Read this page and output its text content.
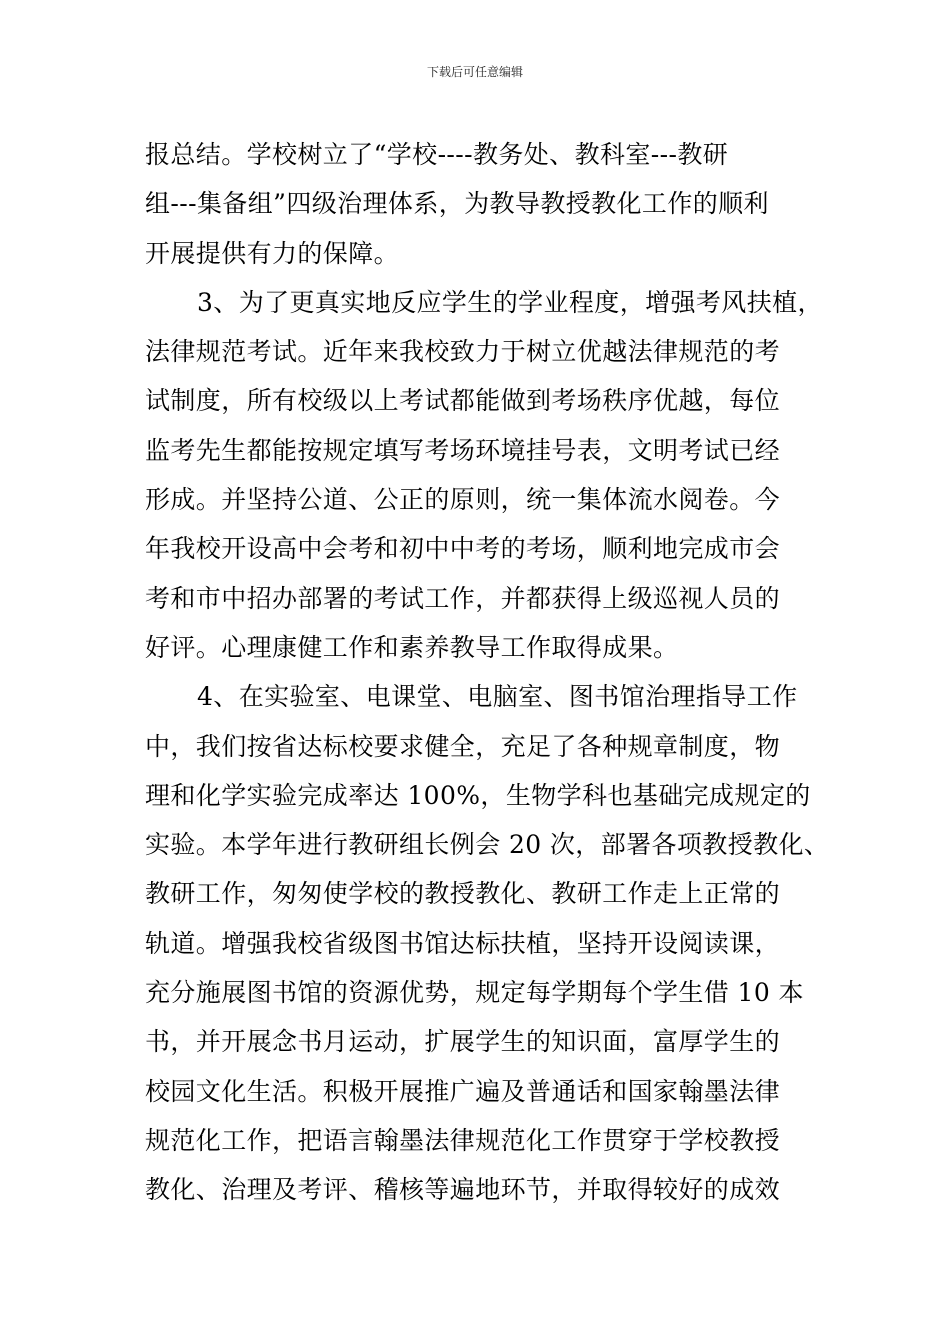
下载后可任意编辑
报总结。学校树立了“学校----教务处、教科室---教研
组---集备组”四级治理体系，为教导教授教化工作的顺利
开展提供有力的保障。
3、为了更真实地反应学生的学业程度，增强考风扶植，
法律规范考试。近年来我校致力于树立优越法律规范的考
试制度，所有校级以上考试都能做到考场秩序优越，每位
监考先生都能按规定填写考场环境挂号表，文明考试已经
形成。并坚持公道、公正的原则，统一集体流水阅卷。今
年我校开设高中会考和初中中考的考场，顺利地完成市会
考和市中招办部署的考试工作，并都获得上级巡视人员的
好评。心理康健工作和素养教导工作取得成果。
4、在实验室、电课堂、电脑室、图书馆治理指导工作
中，我们按省达标校要求健全，充足了各种规章制度，物
理和化学实验完成率达 100%，生物学科也基础完成规定的
实验。本学年进行教研组长例会 20 次，部署各项教授教化、
教研工作，匆匆使学校的教授教化、教研工作走上正常的
轨道。增强我校省级图书馆达标扶植，坚持开设阅读课，
充分施展图书馆的资源优势，规定每学期每个学生借 10 本
书，并开展念书月运动，扩展学生的知识面，富厚学生的
校园文化生活。积极开展推广遍及普通话和国家翰墨法律
规范化工作，把语言翰墨法律规范化工作贯穿于学校教授
教化、治理及考评、稽核等遍地环节，并取得较好的成效
